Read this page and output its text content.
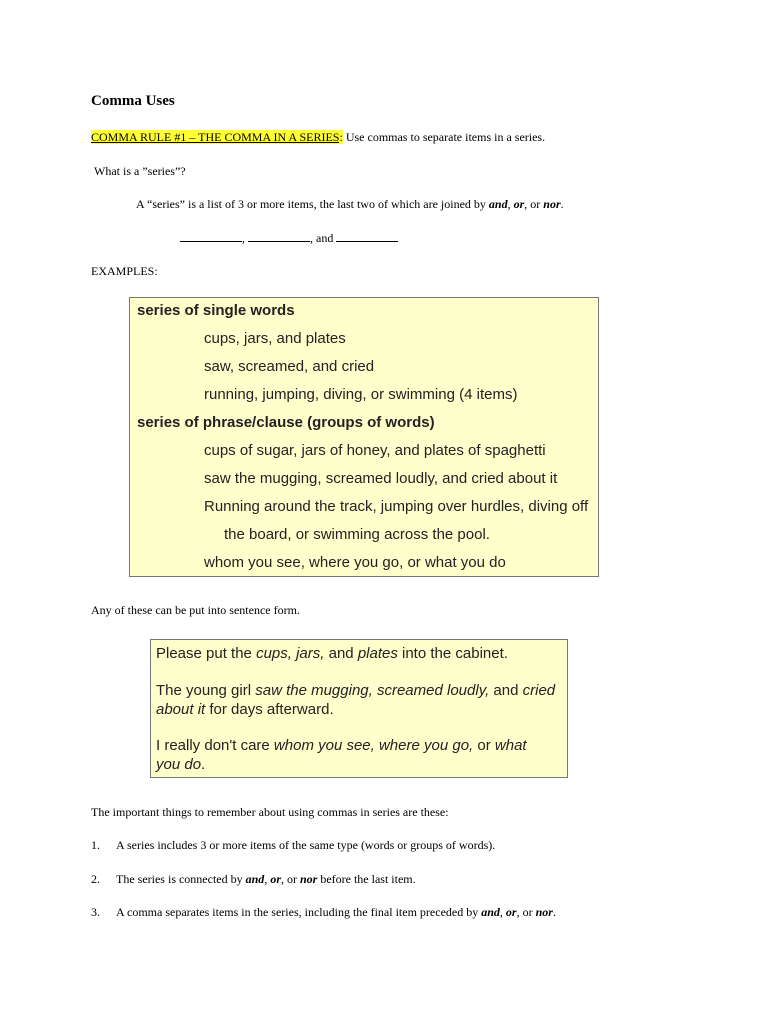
Comma Uses
COMMA RULE #1 – THE COMMA IN A SERIES: Use commas to separate items in a series.
What is a ”series”?
A “series” is a list of 3 or more items, the last two of which are joined by and, or, or nor.
,	, and
EXAMPLES:
series of single words
cups, jars, and plates
saw, screamed, and cried
running, jumping, diving, or swimming (4 items)
series of phrase/clause (groups of words)
cups of sugar, jars of honey, and plates of spaghetti
saw the mugging, screamed loudly, and cried about it
Running around the track, jumping over hurdles, diving off
the board, or swimming across the pool.
whom you see, where you go, or what you do
Any of these can be put into sentence form.
Please put the cups, jars, and plates into the cabinet.
The young girl saw the mugging, screamed loudly, and cried
about it for days afterward.
I really don't care whom you see, where you go, or what
you do.
The important things to remember about using commas in series are these:
1. A series includes 3 or more items of the same type (words or groups of words).
2. The series is connected by and, or, or nor before the last item.
3. A comma separates items in the series, including the final item preceded by and, or, or nor.
